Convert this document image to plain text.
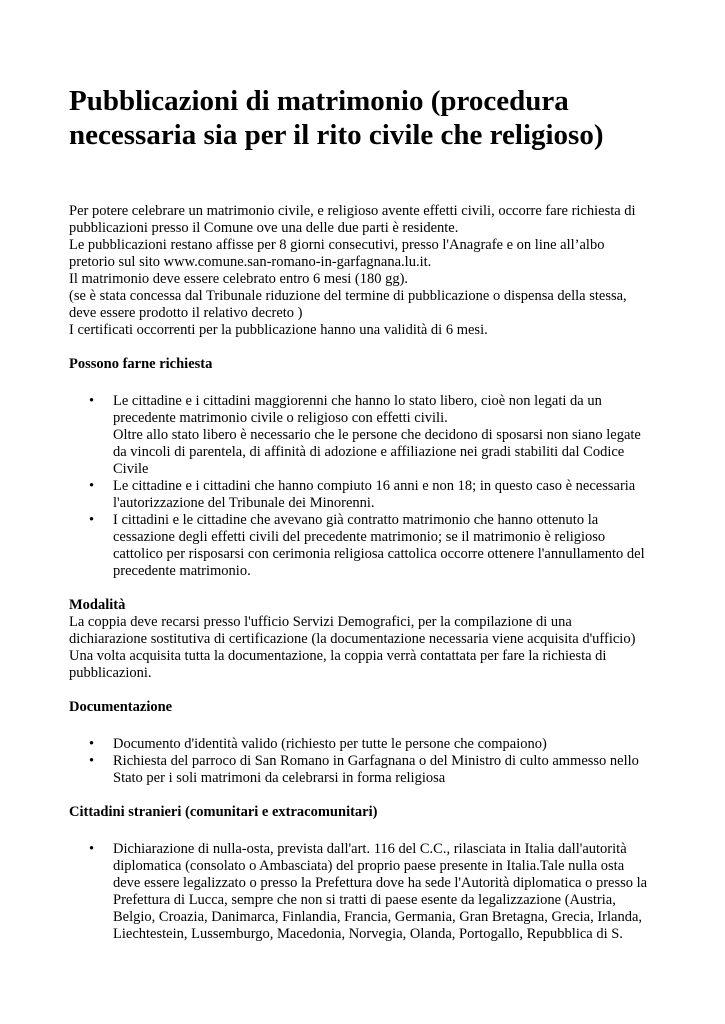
Pubblicazioni di matrimonio (procedura
necessaria sia per il rito civile che religioso)

Per potere celebrare un matrimonio civile, e religioso avente effetti civili, occorre fare richiesta di
pubblicazioni presso il Comune ove una delle due parti è residente.
Le pubblicazioni restano affisse per 8 giorni consecutivi, presso l'Anagrafe e on line all’albo
pretorio sul sito www.comune.san-romano-in-garfagnana.lu.it.
Il matrimonio deve essere celebrato entro 6 mesi (180 gg).
(se è stata concessa dal Tribunale riduzione del termine di pubblicazione o dispensa della stessa,
deve essere prodotto il relativo decreto )
I certificati occorrenti per la pubblicazione hanno una validità di 6 mesi.

Possono farne richiesta

• Le cittadine e i cittadini maggiorenni che hanno lo stato libero, cioè non legati da un
precedente matrimonio civile o religioso con effetti civili.
Oltre allo stato libero è necessario che le persone che decidono di sposarsi non siano legate
da vincoli di parentela, di affinità di adozione e affiliazione nei gradi stabiliti dal Codice
Civile
• Le cittadine e i cittadini che hanno compiuto 16 anni e non 18; in questo caso è necessaria
l'autorizzazione del Tribunale dei Minorenni.
• I cittadini e le cittadine che avevano già contratto matrimonio che hanno ottenuto la
cessazione degli effetti civili del precedente matrimonio; se il matrimonio è religioso
cattolico per risposarsi con cerimonia religiosa cattolica occorre ottenere l'annullamento del
precedente matrimonio.

Modalità

La coppia deve recarsi presso l'ufficio Servizi Demografici, per la compilazione di una
dichiarazione sostitutiva di certificazione (la documentazione necessaria viene acquisita d'ufficio)
Una volta acquisita tutta la documentazione, la coppia verrà contattata per fare la richiesta di
pubblicazioni.

Documentazione

• Documento d'identità valido (richiesto per tutte le persone che compaiono)
• Richiesta del parroco di San Romano in Garfagnana o del Ministro di culto ammesso nello
Stato per i soli matrimoni da celebrarsi in forma religiosa

Cittadini stranieri (comunitari e extracomunitari)

• Dichiarazione di nulla-osta, prevista dall'art. 116 del C.C., rilasciata in Italia dall'autorità
diplomatica (consolato o Ambasciata) del proprio paese presente in Italia.Tale nulla osta
deve essere legalizzato o presso la Prefettura dove ha sede l'Autorità diplomatica o presso la
Prefettura di Lucca, sempre che non si tratti di paese esente da legalizzazione (Austria,
Belgio, Croazia, Danimarca, Finlandia, Francia, Germania, Gran Bretagna, Grecia, Irlanda,
Liechtestein, Lussemburgo, Macedonia, Norvegia, Olanda, Portogallo, Repubblica di S.
